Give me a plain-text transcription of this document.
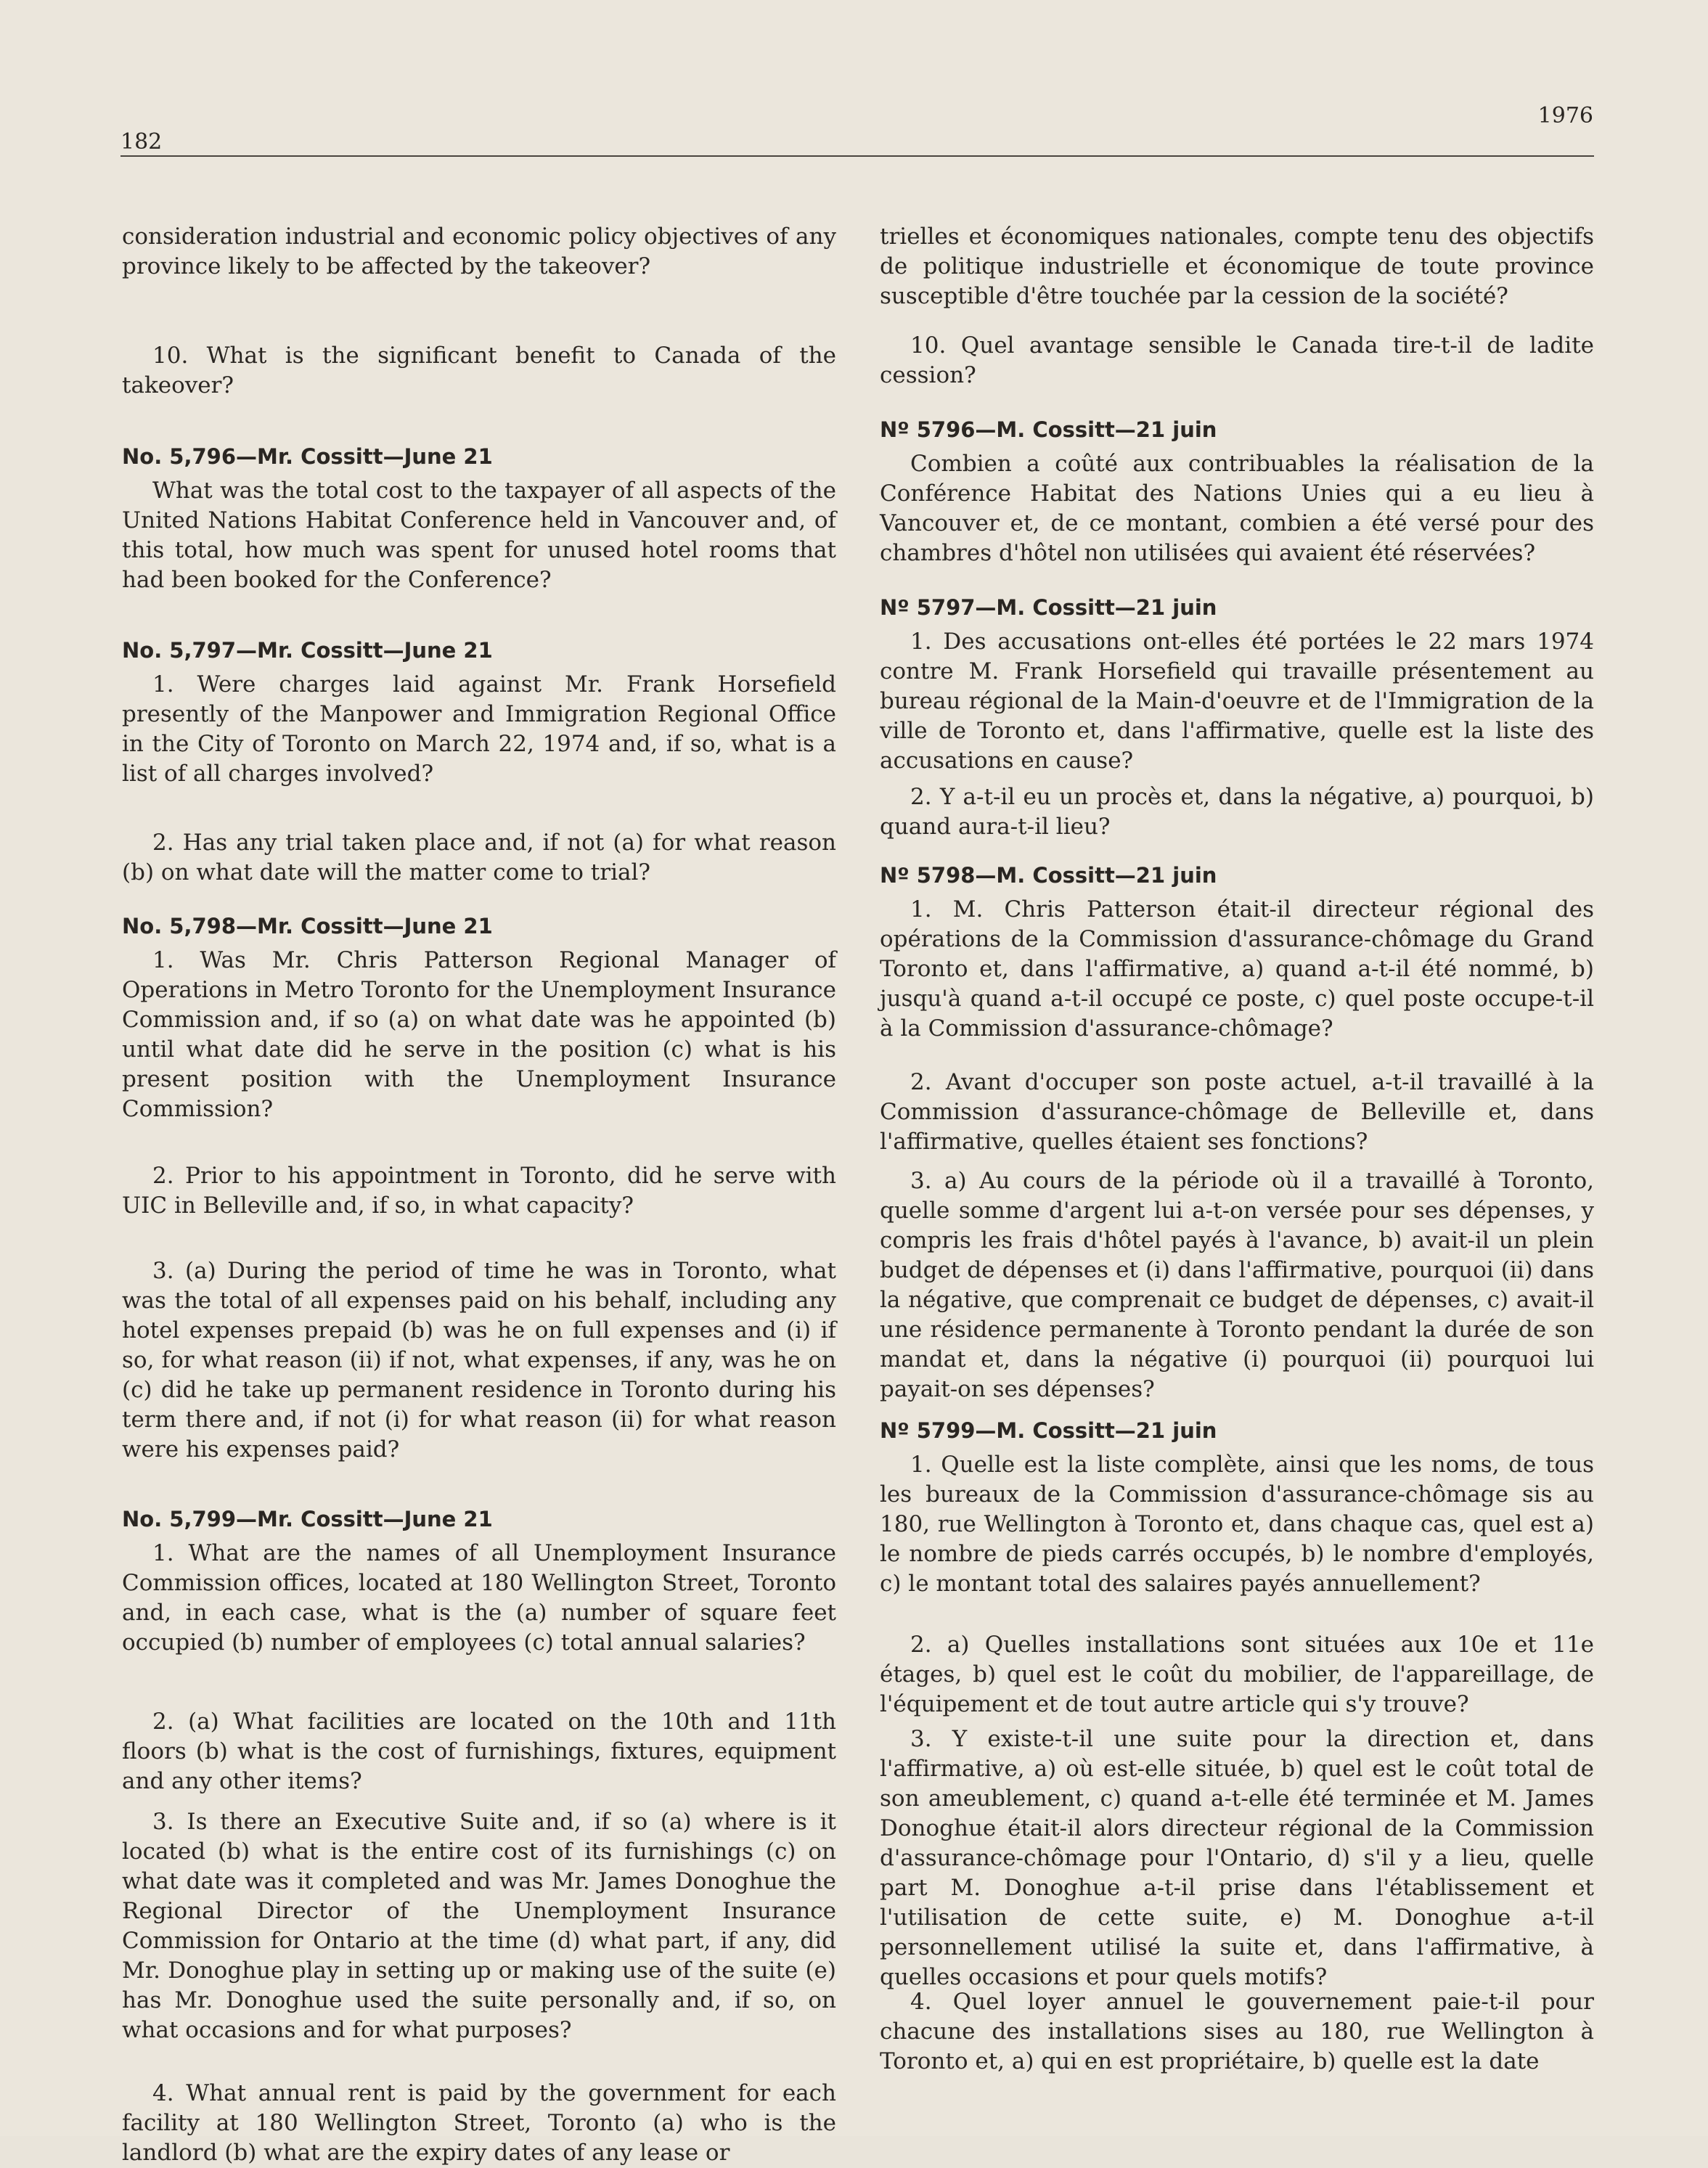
182
1976

consideration industrial and economic policy objectives of any province likely to be affected by the takeover?

10. What is the significant benefit to Canada of the takeover?

No. 5,796—Mr. Cossitt—June 21

What was the total cost to the taxpayer of all aspects of the United Nations Habitat Conference held in Vancouver and, of this total, how much was spent for unused hotel rooms that had been booked for the Conference?

No. 5,797—Mr. Cossitt—June 21

1. Were charges laid against Mr. Frank Horsefield presently of the Manpower and Immigration Regional Office in the City of Toronto on March 22, 1974 and, if so, what is a list of all charges involved?

2. Has any trial taken place and, if not (a) for what reason (b) on what date will the matter come to trial?

No. 5,798—Mr. Cossitt—June 21

1. Was Mr. Chris Patterson Regional Manager of Operations in Metro Toronto for the Unemployment Insurance Commission and, if so (a) on what date was he appointed (b) until what date did he serve in the position (c) what is his present position with the Unemployment Insurance Commission?

2. Prior to his appointment in Toronto, did he serve with UIC in Belleville and, if so, in what capacity?

3. (a) During the period of time he was in Toronto, what was the total of all expenses paid on his behalf, including any hotel expenses prepaid (b) was he on full expenses and (i) if so, for what reason (ii) if not, what expenses, if any, was he on (c) did he take up permanent residence in Toronto during his term there and, if not (i) for what reason (ii) for what reason were his expenses paid?

No. 5,799—Mr. Cossitt—June 21

1. What are the names of all Unemployment Insurance Commission offices, located at 180 Wellington Street, Toronto and, in each case, what is the (a) number of square feet occupied (b) number of employees (c) total annual salaries?

2. (a) What facilities are located on the 10th and 11th floors (b) what is the cost of furnishings, fixtures, equipment and any other items?

3. Is there an Executive Suite and, if so (a) where is it located (b) what is the entire cost of its furnishings (c) on what date was it completed and was Mr. James Donoghue the Regional Director of the Unemployment Insurance Commission for Ontario at the time (d) what part, if any, did Mr. Donoghue play in setting up or making use of the suite (e) has Mr. Donoghue used the suite personally and, if so, on what occasions and for what purposes?

4. What annual rent is paid by the government for each facility at 180 Wellington Street, Toronto (a) who is the landlord (b) what are the expiry dates of any lease or

trielles et économiques nationales, compte tenu des objectifs de politique industrielle et économique de toute province susceptible d'être touchée par la cession de la société?

10. Quel avantage sensible le Canada tire-t-il de ladite cession?

Nº 5796—M. Cossitt—21 juin

Combien a coûté aux contribuables la réalisation de la Conférence Habitat des Nations Unies qui a eu lieu à Vancouver et, de ce montant, combien a été versé pour des chambres d'hôtel non utilisées qui avaient été réservées?

Nº 5797—M. Cossitt—21 juin

1. Des accusations ont-elles été portées le 22 mars 1974 contre M. Frank Horsefield qui travaille présentement au bureau régional de la Main-d'oeuvre et de l'Immigration de la ville de Toronto et, dans l'affirmative, quelle est la liste des accusations en cause?

2. Y a-t-il eu un procès et, dans la négative, a) pourquoi, b) quand aura-t-il lieu?

Nº 5798—M. Cossitt—21 juin

1. M. Chris Patterson était-il directeur régional des opérations de la Commission d'assurance-chômage du Grand Toronto et, dans l'affirmative, a) quand a-t-il été nommé, b) jusqu'à quand a-t-il occupé ce poste, c) quel poste occupe-t-il à la Commission d'assurance-chômage?

2. Avant d'occuper son poste actuel, a-t-il travaillé à la Commission d'assurance-chômage de Belleville et, dans l'affirmative, quelles étaient ses fonctions?

3. a) Au cours de la période où il a travaillé à Toronto, quelle somme d'argent lui a-t-on versée pour ses dépenses, y compris les frais d'hôtel payés à l'avance, b) avait-il un plein budget de dépenses et (i) dans l'affirmative, pourquoi (ii) dans la négative, que comprenait ce budget de dépenses, c) avait-il une résidence permanente à Toronto pendant la durée de son mandat et, dans la négative (i) pourquoi (ii) pourquoi lui payait-on ses dépenses?

Nº 5799—M. Cossitt—21 juin

1. Quelle est la liste complète, ainsi que les noms, de tous les bureaux de la Commission d'assurance-chômage sis au 180, rue Wellington à Toronto et, dans chaque cas, quel est a) le nombre de pieds carrés occupés, b) le nombre d'employés, c) le montant total des salaires payés annuellement?

2. a) Quelles installations sont situées aux 10e et 11e étages, b) quel est le coût du mobilier, de l'appareillage, de l'équipement et de tout autre article qui s'y trouve?

3. Y existe-t-il une suite pour la direction et, dans l'affirmative, a) où est-elle située, b) quel est le coût total de son ameublement, c) quand a-t-elle été terminée et M. James Donoghue était-il alors directeur régional de la Commission d'assurance-chômage pour l'Ontario, d) s'il y a lieu, quelle part M. Donoghue a-t-il prise dans l'établissement et l'utilisation de cette suite, e) M. Donoghue a-t-il personnellement utilisé la suite et, dans l'affirmative, à quelles occasions et pour quels motifs?

4. Quel loyer annuel le gouvernement paie-t-il pour chacune des installations sises au 180, rue Wellington à Toronto et, a) qui en est propriétaire, b) quelle est la date
